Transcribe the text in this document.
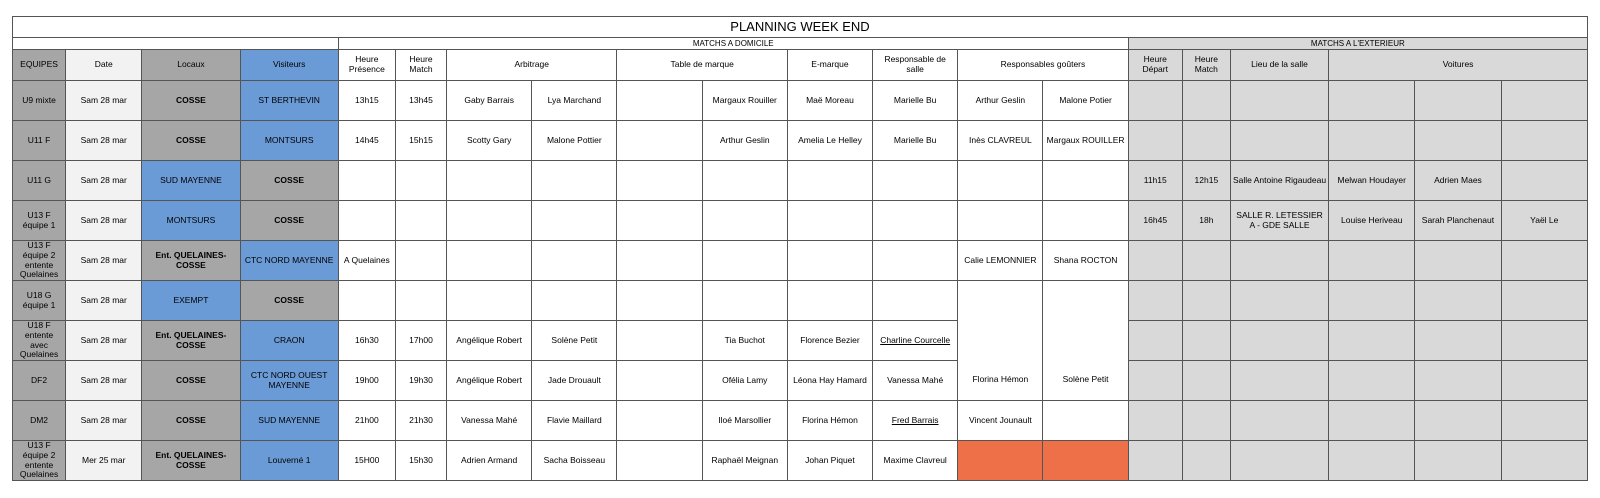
PLANNING WEEK END																			
				MATCHS A DOMICILE										MATCHS A L'EXTERIEUR					
EQUIPES	Date	Locaux	Visiteurs	Heure Présence	Heure Match	Arbitrage		Table de marque		E-marque	Responsable de salle	Responsables goûters		Heure Départ	Heure Match	Lieu de la salle	Voitures		
U9 mixte	Sam 28 mar	COSSE	ST BERTHEVIN	13h15	13h45	Gaby Barrais	Lya Marchand		Margaux Rouiller	Maë Moreau	Marielle Bu	Arthur Geslin	Malone Potier						
U11 F	Sam 28 mar	COSSE	MONTSURS	14h45	15h15	Scotty Gary	Malone Pottier		Arthur Geslin	Amelia Le Helley	Marielle Bu	Inès CLAVREUL	Margaux ROUILLER						
U11 G	Sam 28 mar	SUD MAYENNE	COSSE											11h15	12h15	Salle Antoine Rigaudeau	Melwan Houdayer	Adrien Maes	
U13 F équipe 1	Sam 28 mar	MONTSURS	COSSE											16h45	18h	SALLE R. LETESSIER A - GDE SALLE	Louise Heriveau	Sarah Planchenaut	Yaël Le
U13 F équipe 2 entente Quelaines	Sam 28 mar	Ent. QUELAINES-COSSE	CTC NORD MAYENNE	A Quelaines								Calie LEMONNIER	Shana ROCTON						
U18 G équipe 1	Sam 28 mar	EXEMPT	COSSE																
U18 F entente avec Quelaines	Sam 28 mar	Ent. QUELAINES-COSSE	CRAON	16h30	17h00	Angélique Robert	Solène Petit		Tia Buchot	Florence Bezier	Charline Courcelle								
DF2	Sam 28 mar	COSSE	CTC NORD OUEST MAYENNE	19h00	19h30	Angélique Robert	Jade Drouault		Ofélia Lamy	Léona Hay Hamard	Vanessa Mahé	Florina Hémon	Solène Petit						
DM2	Sam 28 mar	COSSE	SUD MAYENNE	21h00	21h30	Vanessa Mahé	Flavie Maillard		Iloé Marsollier	Florina Hémon	Fred Barrais	Vincent Jounault							
U13 F équipe 2 entente Quelaines	Mer 25 mar	Ent. QUELAINES-COSSE	Louverné 1	15H00	15h30	Adrien Armand	Sacha Boisseau		Raphaël Meignan	Johan Piquet	Maxime Clavreul								
